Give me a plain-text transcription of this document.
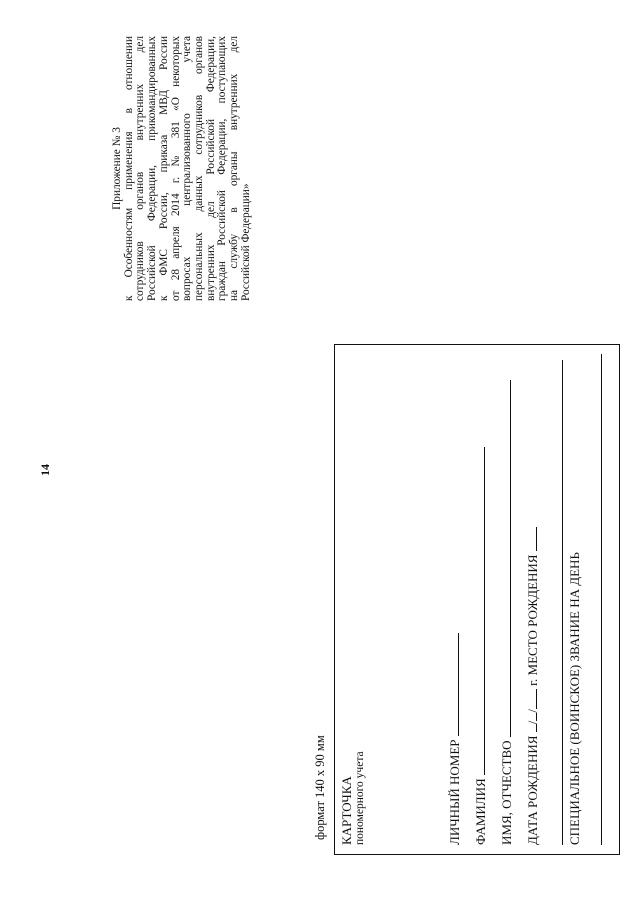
14
Приложение № 3 к Особенностям применения в отношении сотрудников органов внутренних дел Российской Федерации, прикомандированных к ФМС России, приказа МВД России от 28 апреля 2014 г. № 381 «О некоторых вопросах централизованного учета персональных данных сотрудников органов внутренних дел Российской Федерации, граждан Российской Федерации, поступающих на службу в органы внутренних дел Российской Федерации»
формат 140 х 90 мм КАРТОЧКА пономерного учета	ЛИЧНЫЙ НОМЕР ФАМИЛИЯ ИМЯ, ОТЧЕСТВО ДАТА РОЖДЕНИЯ // г. МЕСТО РОЖДЕНИЯ СПЕЦИАЛЬНОЕ (ВОИНСКОЕ) ЗВАНИЕ НА ДЕНЬ
